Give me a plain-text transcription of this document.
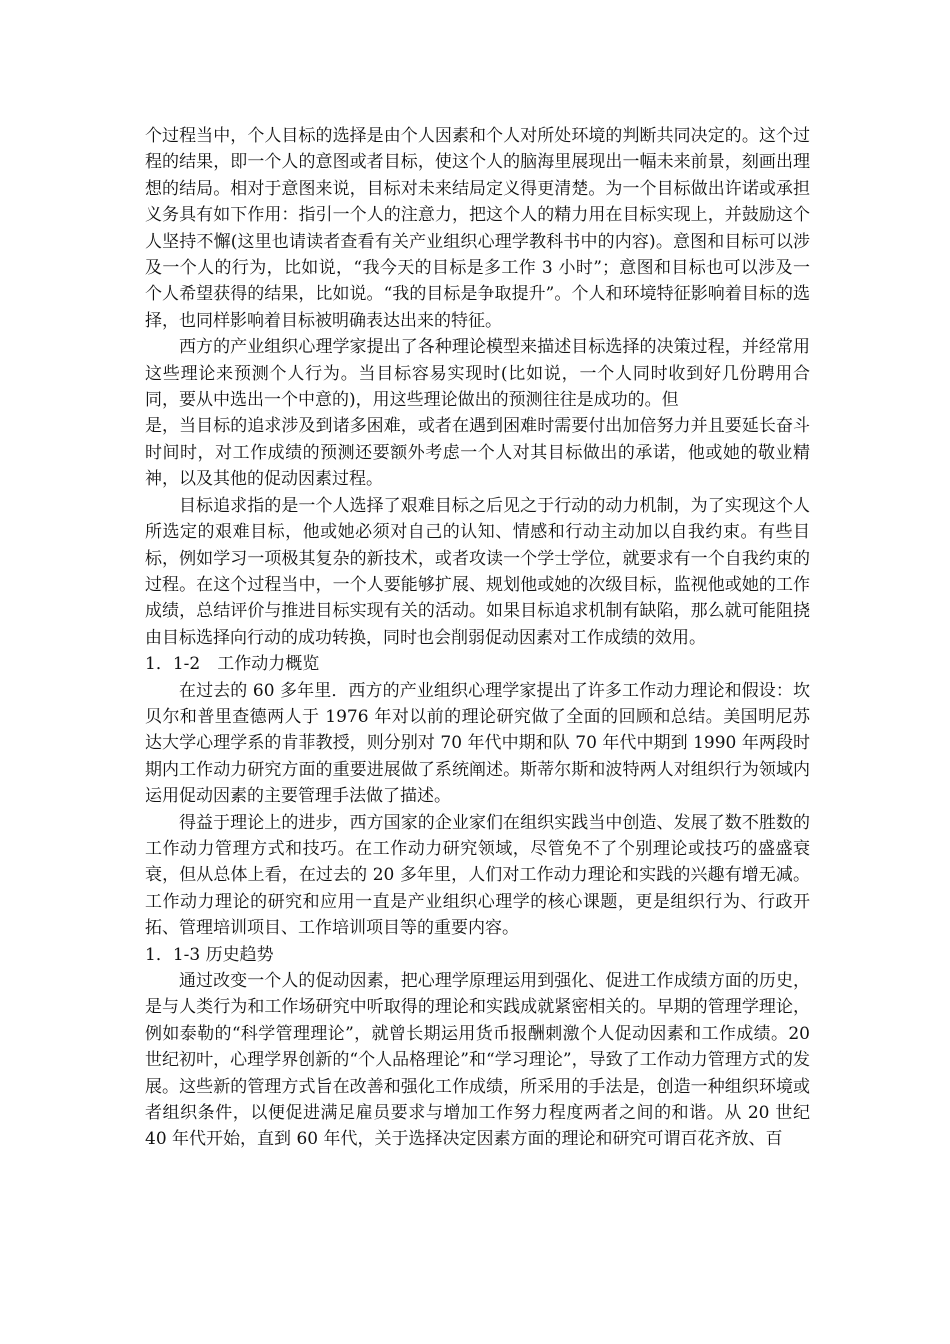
个过程当中，个人目标的选择是由个人因素和个人对所处环境的判断共同决定的。这个过程的结果，即一个人的意图或者目标，使这个人的脑海里展现出一幅未来前景，刻画出理想的结局。相对于意图来说，目标对未来结局定义得更清楚。为一个目标做出许诺或承担义务具有如下作用：指引一个人的注意力，把这个人的精力用在目标实现上，并鼓励这个人坚持不懈(这里也请读者查看有关产业组织心理学教科书中的内容)。意图和目标可以涉及一个人的行为，比如说，“我今天的目标是多工作 3 小时”；意图和目标也可以涉及一个人希望获得的结果，比如说。“我的目标是争取提升”。个人和环境特征影响着目标的选择，也同样影响着目标被明确表达出来的特征。

西方的产业组织心理学家提出了各种理论模型来描述目标选择的决策过程，并经常用这些理论来预测个人行为。当目标容易实现时(比如说，一个人同时收到好几份聘用合同，要从中选出一个中意的)，用这些理论做出的预测往往是成功的。但

是，当目标的追求涉及到诸多困难，或者在遇到困难时需要付出加倍努力并且要延长奋斗时间时，对工作成绩的预测还要额外考虑一个人对其目标做出的承诺，他或她的敬业精神，以及其他的促动因素过程。

目标追求指的是一个人选择了艰难目标之后见之于行动的动力机制，为了实现这个人所选定的艰难目标，他或她必须对自己的认知、情感和行动主动加以自我约束。有些目标，例如学习一项极其复杂的新技术，或者攻读一个学士学位，就要求有一个自我约束的过程。在这个过程当中，一个人要能够扩展、规划他或她的次级目标，监视他或她的工作成绩，总结评价与推进目标实现有关的活动。如果目标追求机制有缺陷，那么就可能阻挠由目标选择向行动的成功转换，同时也会削弱促动因素对工作成绩的效用。

1．1-2　工作动力概览

在过去的 60 多年里．西方的产业组织心理学家提出了许多工作动力理论和假设：坎贝尔和普里查德两人于 1976 年对以前的理论研究做了全面的回顾和总结。美国明尼苏达大学心理学系的肯菲教授，则分别对 70 年代中期和队 70 年代中期到 1990 年两段时期内工作动力研究方面的重要进展做了系统阐述。斯蒂尔斯和波特两人对组织行为领域内运用促动因素的主要管理手法做了描述。

得益于理论上的进步，西方国家的企业家们在组织实践当中创造、发展了数不胜数的工作动力管理方式和技巧。在工作动力研究领域，尽管免不了个别理论或技巧的盛盛衰衰，但从总体上看，在过去的 20 多年里，人们对工作动力理论和实践的兴趣有增无减。工作动力理论的研究和应用一直是产业组织心理学的核心课题，更是组织行为、行政开拓、管理培训项目、工作培训项目等的重要内容。

1．1-3 历史趋势

通过改变一个人的促动因素，把心理学原理运用到强化、促进工作成绩方面的历史，是与人类行为和工作场研究中听取得的理论和实践成就紧密相关的。早期的管理学理论，例如泰勒的“科学管理理论”，就曾长期运用货币报酬刺激个人促动因素和工作成绩。20 世纪初叶，心理学界创新的“个人品格理论”和“学习理论”，导致了工作动力管理方式的发展。这些新的管理方式旨在改善和强化工作成绩，所采用的手法是，创造一种组织环境或者组织条件，以便促进满足雇员要求与增加工作努力程度两者之间的和谐。从 20 世纪 40 年代开始，直到 60 年代，关于选择决定因素方面的理论和研究可谓百花齐放、百
